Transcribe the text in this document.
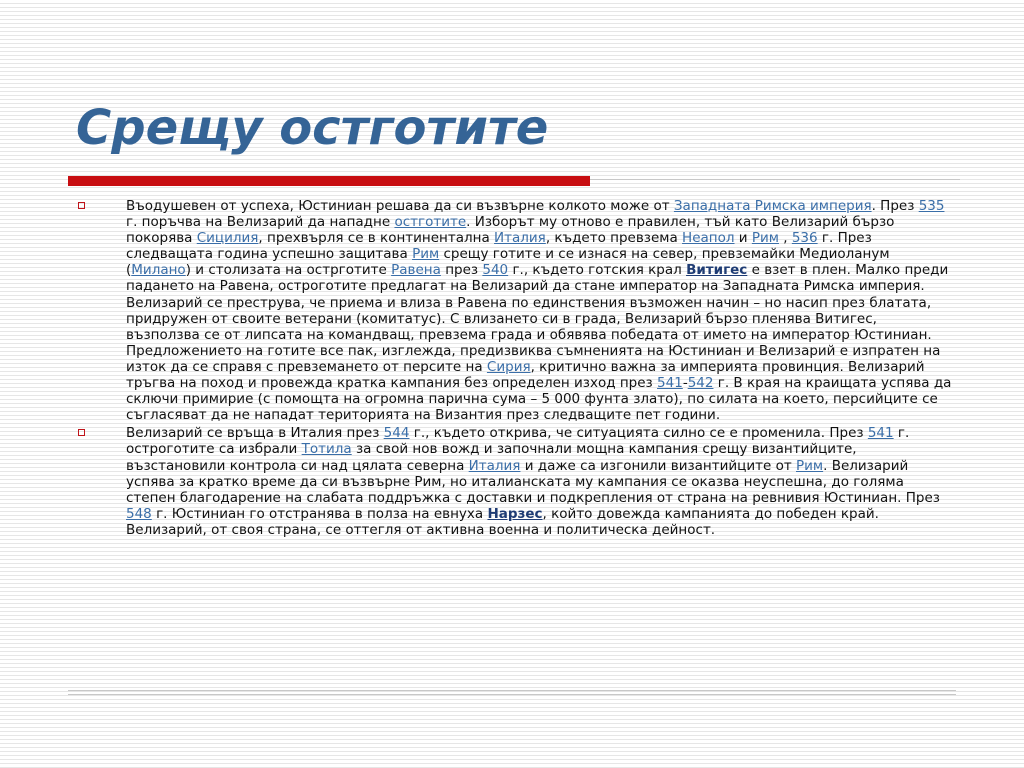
Срещу остготите
Въодушевен от успеха, Юстиниан решава да си възвърне колкото може от Западната Римска империя. През 535 г. поръчва на Велизарий да нападне остготите. Изборът му отново е правилен, тъй като Велизарий бързо покорява Сицилия, прехвърля се в континентална Италия, където превзема Неапол и Рим , 536 г. През следващата година успешно защитава Рим срещу готите и се изнася на север, превземайки Медиоланум (Милано) и столизата на острготите Равена през 540 г., където готския крал Витигес е взет в плен. Малко преди падането на Равена, остроготите предлагат на Велизарий да стане император на Западната Римска империя. Велизарий се преструва, че приема и влиза в Равена по единствения възможен начин – но насип през блатата, придружен от своите ветерани (комитатус). С влизането си в града, Велизарий бързо пленява Витигес, възползва се от липсата на командващ, превзема града и обявява победата от името на император Юстиниан. Предложението на готите все пак, изглежда, предизвиква съмненията на Юстиниан и Велизарий е изпратен на изток да се справя с превземането от персите на Сирия, критично важна за империята провинция. Велизарий тръгва на поход и провежда кратка кампания без определен изход през 541-542 г. В края на краищата успява да сключи примирие (с помощта на огромна парична сума – 5 000 фунта злато), по силата на което, персийците се съгласяват да не нападат територията на Византия през следващите пет години.
Велизарий се връща в Италия през 544 г., където открива, че ситуацията силно се е променила. През 541 г. остроготите са избрали Тотила за свой нов вожд и започнали мощна кампания срещу византийците, възстановили контрола си над цялата северна Италия и даже са изгонили византийците от Рим. Велизарий успява за кратко време да си възвърне Рим, но италианската му кампания се оказва неуспешна, до голяма степен благодарение на слабата поддръжка с доставки и подкрепления от страна на ревнивия Юстиниан. През 548 г. Юстиниан го отстранява в полза на евнуха Нарзес, който довежда кампанията до победен край. Велизарий, от своя страна, се оттегля от активна военна и политическа дейност.
